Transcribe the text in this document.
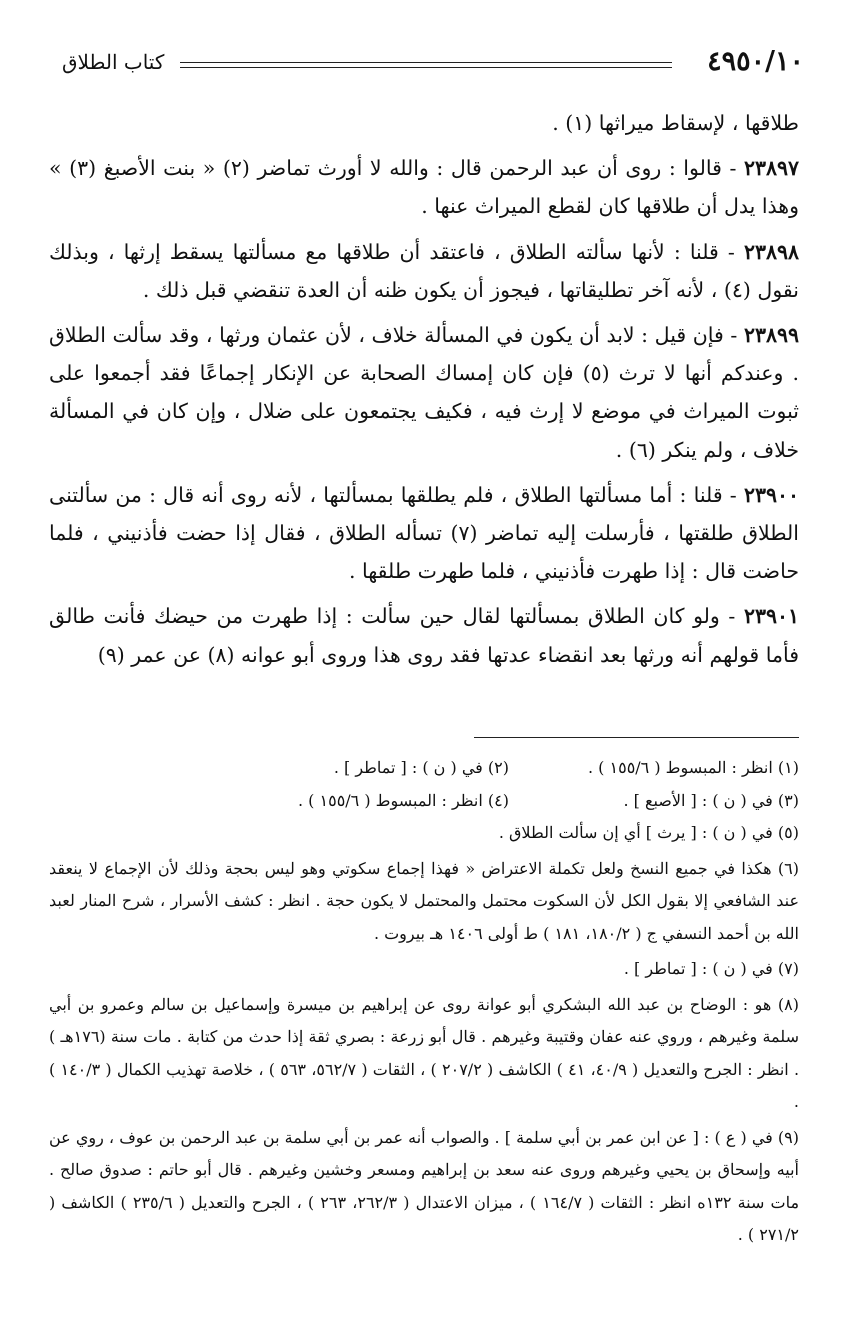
٤٩٥٠/١٠
كتاب الطلاق

طلاقها ، لإسقاط ميراثها (١) .

٢٣٨٩٧ - قالوا : روى أن عبد الرحمن قال : والله لا أورث تماضر (٢) « بنت الأصبغ (٣) » وهذا يدل أن طلاقها كان لقطع الميراث عنها .

٢٣٨٩٨ - قلنا : لأنها سألته الطلاق ، فاعتقد أن طلاقها مع مسألتها يسقط إرثها ، وبذلك نقول (٤) ، لأنه آخر تطليقاتها ، فيجوز أن يكون ظنه أن العدة تنقضي قبل ذلك .

٢٣٨٩٩ - فإن قيل : لابد أن يكون في المسألة خلاف ، لأن عثمان ورثها ، وقد سألت الطلاق . وعندكم أنها لا ترث (٥) فإن كان إمساك الصحابة عن الإنكار إجماعًا فقد أجمعوا على ثبوت الميراث في موضع لا إرث فيه ، فكيف يجتمعون على ضلال ، وإن كان في المسألة خلاف ، ولم ينكر (٦) .

٢٣٩٠٠ - قلنا : أما مسألتها الطلاق ، فلم يطلقها بمسألتها ، لأنه روى أنه قال : من سألتنى الطلاق طلقتها ، فأرسلت إليه تماضر (٧) تسأله الطلاق ، فقال إذا حضت فأذنيني ، فلما حاضت قال : إذا طهرت فأذنيني ، فلما طهرت طلقها .

٢٣٩٠١ - ولو كان الطلاق بمسألتها لقال حين سألت : إذا طهرت من حيضك فأنت طالق فأما قولهم أنه ورثها بعد انقضاء عدتها فقد روى هذا وروى أبو عوانه (٨) عن عمر (٩)

(١) انظر : المبسوط ( ١٥٥/٦ ) .
(٢) في ( ن ) : [ تماطر ] .
(٣) في ( ن ) : [ الأصبع ] .
(٤) انظر : المبسوط ( ١٥٥/٦ ) .

(٥) في ( ن ) : [ يرث ] أي إن سألت الطلاق .

(٦) هكذا في جميع النسخ ولعل تكملة الاعتراض « فهذا إجماع سكوتي وهو ليس بحجة وذلك لأن الإجماع لا ينعقد عند الشافعي إلا بقول الكل لأن السكوت محتمل والمحتمل لا يكون حجة . انظر : كشف الأسرار ، شرح المنار لعبد الله بن أحمد النسفي ج ( ١٨٠/٢، ١٨١ ) ط أولى ١٤٠٦ هـ بيروت .

(٧) في ( ن ) : [ تماطر ] .

(٨) هو : الوضاح بن عبد الله البشكري أبو عوانة روى عن إبراهيم بن ميسرة وإسماعيل بن سالم وعمرو بن أبي سلمة وغيرهم ، وروي عنه عفان وقتيبة وغيرهم . قال أبو زرعة : بصري ثقة إذا حدث من كتابة . مات سنة (١٧٦هـ ) . انظر : الجرح والتعديل ( ٤٠/٩، ٤١ ) الكاشف ( ٢٠٧/٢ ) ، الثقات ( ٥٦٢/٧، ٥٦٣ ) ، خلاصة تهذيب الكمال ( ١٤٠/٣ ) .

(٩) في ( ع ) : [ عن ابن عمر بن أبي سلمة ] . والصواب أنه عمر بن أبي سلمة بن عبد الرحمن بن عوف ، روي عن أبيه وإسحاق بن يحيي وغيرهم وروى عنه سعد بن إبراهيم ومسعر وخشين وغيرهم . قال أبو حاتم : صدوق صالح . مات سنة ١٣٢ه انظر : الثقات ( ١٦٤/٧ ) ، ميزان الاعتدال ( ٢٦٢/٣، ٢٦٣ ) ، الجرح والتعديل ( ٢٣٥/٦ ) الكاشف ( ٢٧١/٢ ) .
